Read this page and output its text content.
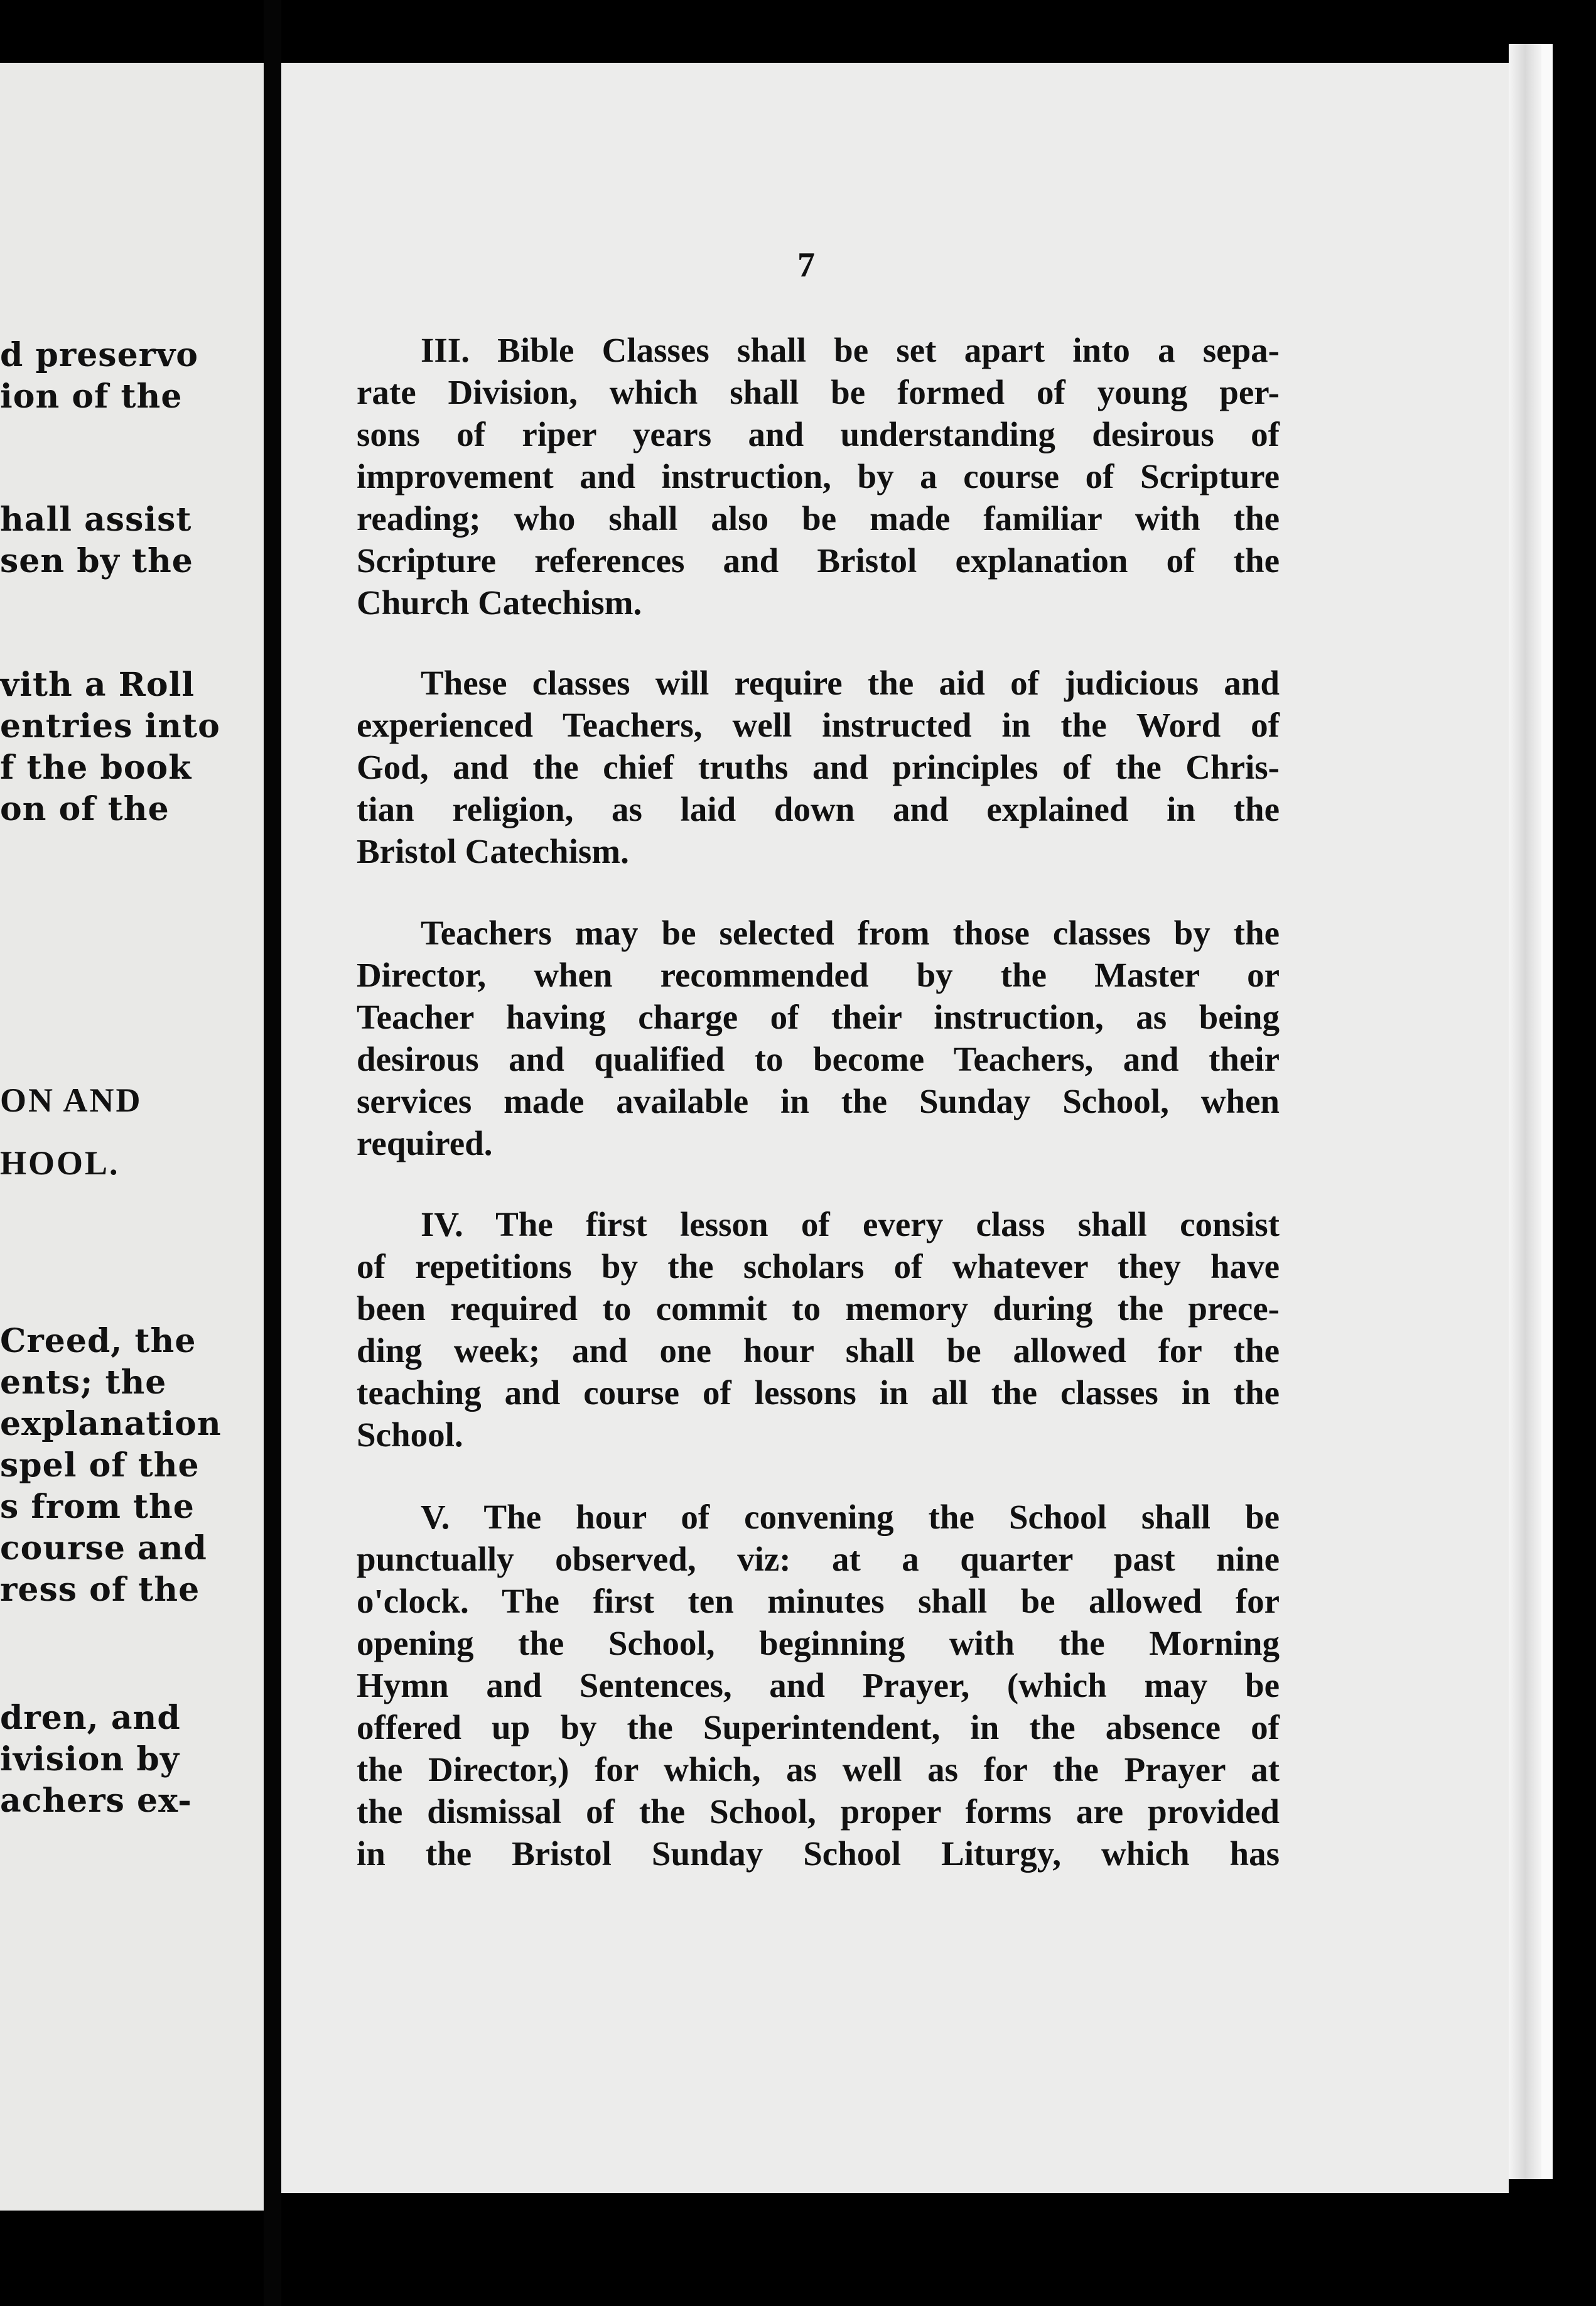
d preservo
ion of the
hall assist
sen by the
vith a Roll
entries into
f the book
on of the
ON AND
HOOL.
Creed, the
ents; the
explanation
spel of the
s from the
course and
ress of the
dren, and
ivision by
achers ex-
7
III. Bible Classes shall be set apart into a sepa-
rate Division, which shall be formed of young per-
sons of riper years and understanding desirous of
improvement and instruction, by a course of Scripture
reading; who shall also be made familiar with the
Scripture references and Bristol explanation of the
Church Catechism.
These classes will require the aid of judicious and
experienced Teachers, well instructed in the Word of
God, and the chief truths and principles of the Chris-
tian religion, as laid down and explained in the
Bristol Catechism.
Teachers may be selected from those classes by the
Director, when recommended by the Master or
Teacher having charge of their instruction, as being
desirous and qualified to become Teachers, and their
services made available in the Sunday School, when
required.
IV. The first lesson of every class shall consist
of repetitions by the scholars of whatever they have
been required to commit to memory during the prece-
ding week; and one hour shall be allowed for the
teaching and course of lessons in all the classes in the
School.
V. The hour of convening the School shall be
punctually observed, viz: at a quarter past nine
o'clock. The first ten minutes shall be allowed for
opening the School, beginning with the Morning
Hymn and Sentences, and Prayer, (which may be
offered up by the Superintendent, in the absence of
the Director,) for which, as well as for the Prayer at
the dismissal of the School, proper forms are provided
in the Bristol Sunday School Liturgy, which has
